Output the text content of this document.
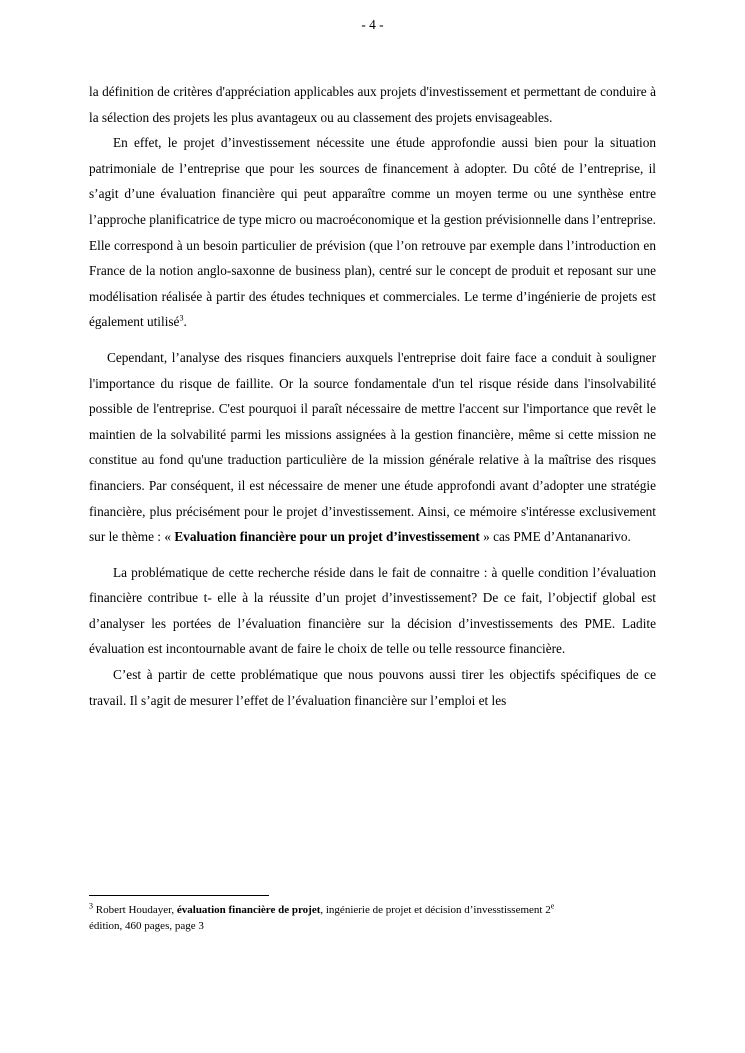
- 4 -

la définition de critères d'appréciation applicables aux projets d'investissement et permettant de conduire à la sélection des projets les plus avantageux ou au classement des projets envisageables.

En effet, le projet d’investissement nécessite une étude approfondie aussi bien pour la situation patrimoniale de l’entreprise que pour les sources de financement à adopter. Du côté de l’entreprise, il s’agit d’une évaluation financière qui peut apparaître comme un moyen terme ou une synthèse entre l’approche planificatrice de type micro ou macroéconomique et la gestion prévisionnelle dans l’entreprise. Elle correspond à un besoin particulier de prévision (que l’on retrouve par exemple dans l’introduction en France de la notion anglo-saxonne de business plan), centré sur le concept de produit et reposant sur une modélisation réalisée à partir des études techniques et commerciales. Le terme d’ingénierie de projets est également utilisé$^3$.

Cependant, l’analyse des risques financiers auxquels l'entreprise doit faire face a conduit à souligner l'importance du risque de faillite. Or la source fondamentale d'un tel risque réside dans l'insolvabilité possible de l'entreprise. C'est pourquoi il paraît nécessaire de mettre l'accent sur l'importance que revêt le maintien de la solvabilité parmi les missions assignées à la gestion financière, même si cette mission ne constitue au fond qu'une traduction particulière de la mission générale relative à la maîtrise des risques financiers. Par conséquent, il est nécessaire de mener une étude approfondi avant d’adopter une stratégie financière, plus précisément pour le projet d’investissement. Ainsi, ce mémoire s'intéresse exclusivement sur le thème : « Evaluation financière pour un projet d’investissement » cas PME d’Antananarivo.

La problématique de cette recherche réside dans le fait de connaitre : à quelle condition l’évaluation financière contribue t- elle à la réussite d’un projet d’investissement? De ce fait, l’objectif global est d’analyser les portées de l’évaluation financière sur la décision d’investissements des PME. Ladite évaluation est incontournable avant de faire le choix de telle ou telle ressource financière.

C’est à partir de cette problématique que nous pouvons aussi tirer les objectifs spécifiques de ce travail. Il s’agit de mesurer l’effet de l’évaluation financière sur l’emploi et les

$^3$ Robert Houdayer, évaluation financière de projet, ingénierie de projet et décision d’invesstissement 2e

édition, 460 pages, page 3
